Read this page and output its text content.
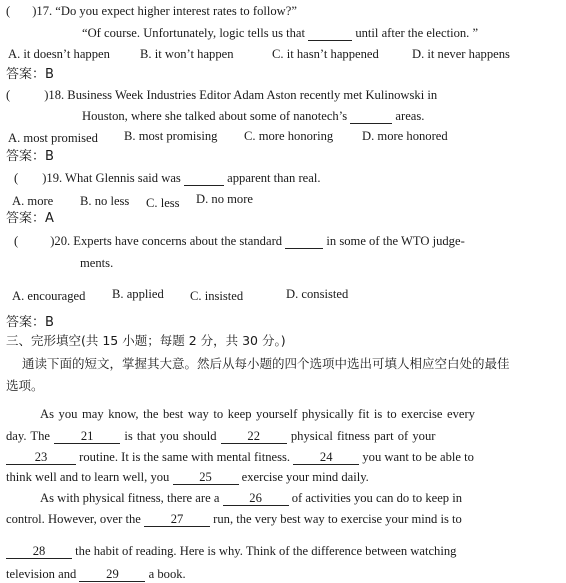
( )17. “Do you expect higher interest rates to follow?”
“Of course. Unfortunately, logic tells us that	until after the election. ”
A. it doesn’t happen B. it won’t happen	C. it hasn’t happened	D. it never happens
答案：B
(	)18. Business Week Industries Editor Adam Aston recently met Kulinowski in
Houston, where she talked about some of nanotech’s	areas.
A. most promised B. most promising C. more honoring D. more honored
答案：B
( )19. What Glennis said was	apparent than real.
A. more B. no less C. less D. no more
答案：A
(	)20. Experts have concerns about the standard	in some of the WTO judge-
ments.
A. encouraged B. applied C. insisted	D. consisted
答案：B
三、完形填空(共 15 小题；每题 2 分，共 30 分。)
通读下面的短文，掌握其大意。然后从每小题的四个选项中选出可填人相应空白处的最佳
选项。
As you may know, the best way to keep yourself physically fit is to exercise every
day. The 21 is that you should 22 physical fitness part of your
23	routine. It is the same with mental fitness. 24 you want to be able to
think well and to learn well, you 25 exercise your mind daily.
As with physical fitness, there are a 26 of activities you can do to keep in
control. However, over the 27 run, the very best way to exercise your mind is to
28 the habit of reading. Here is why. Think of the difference between watching
television and 29 a book.
